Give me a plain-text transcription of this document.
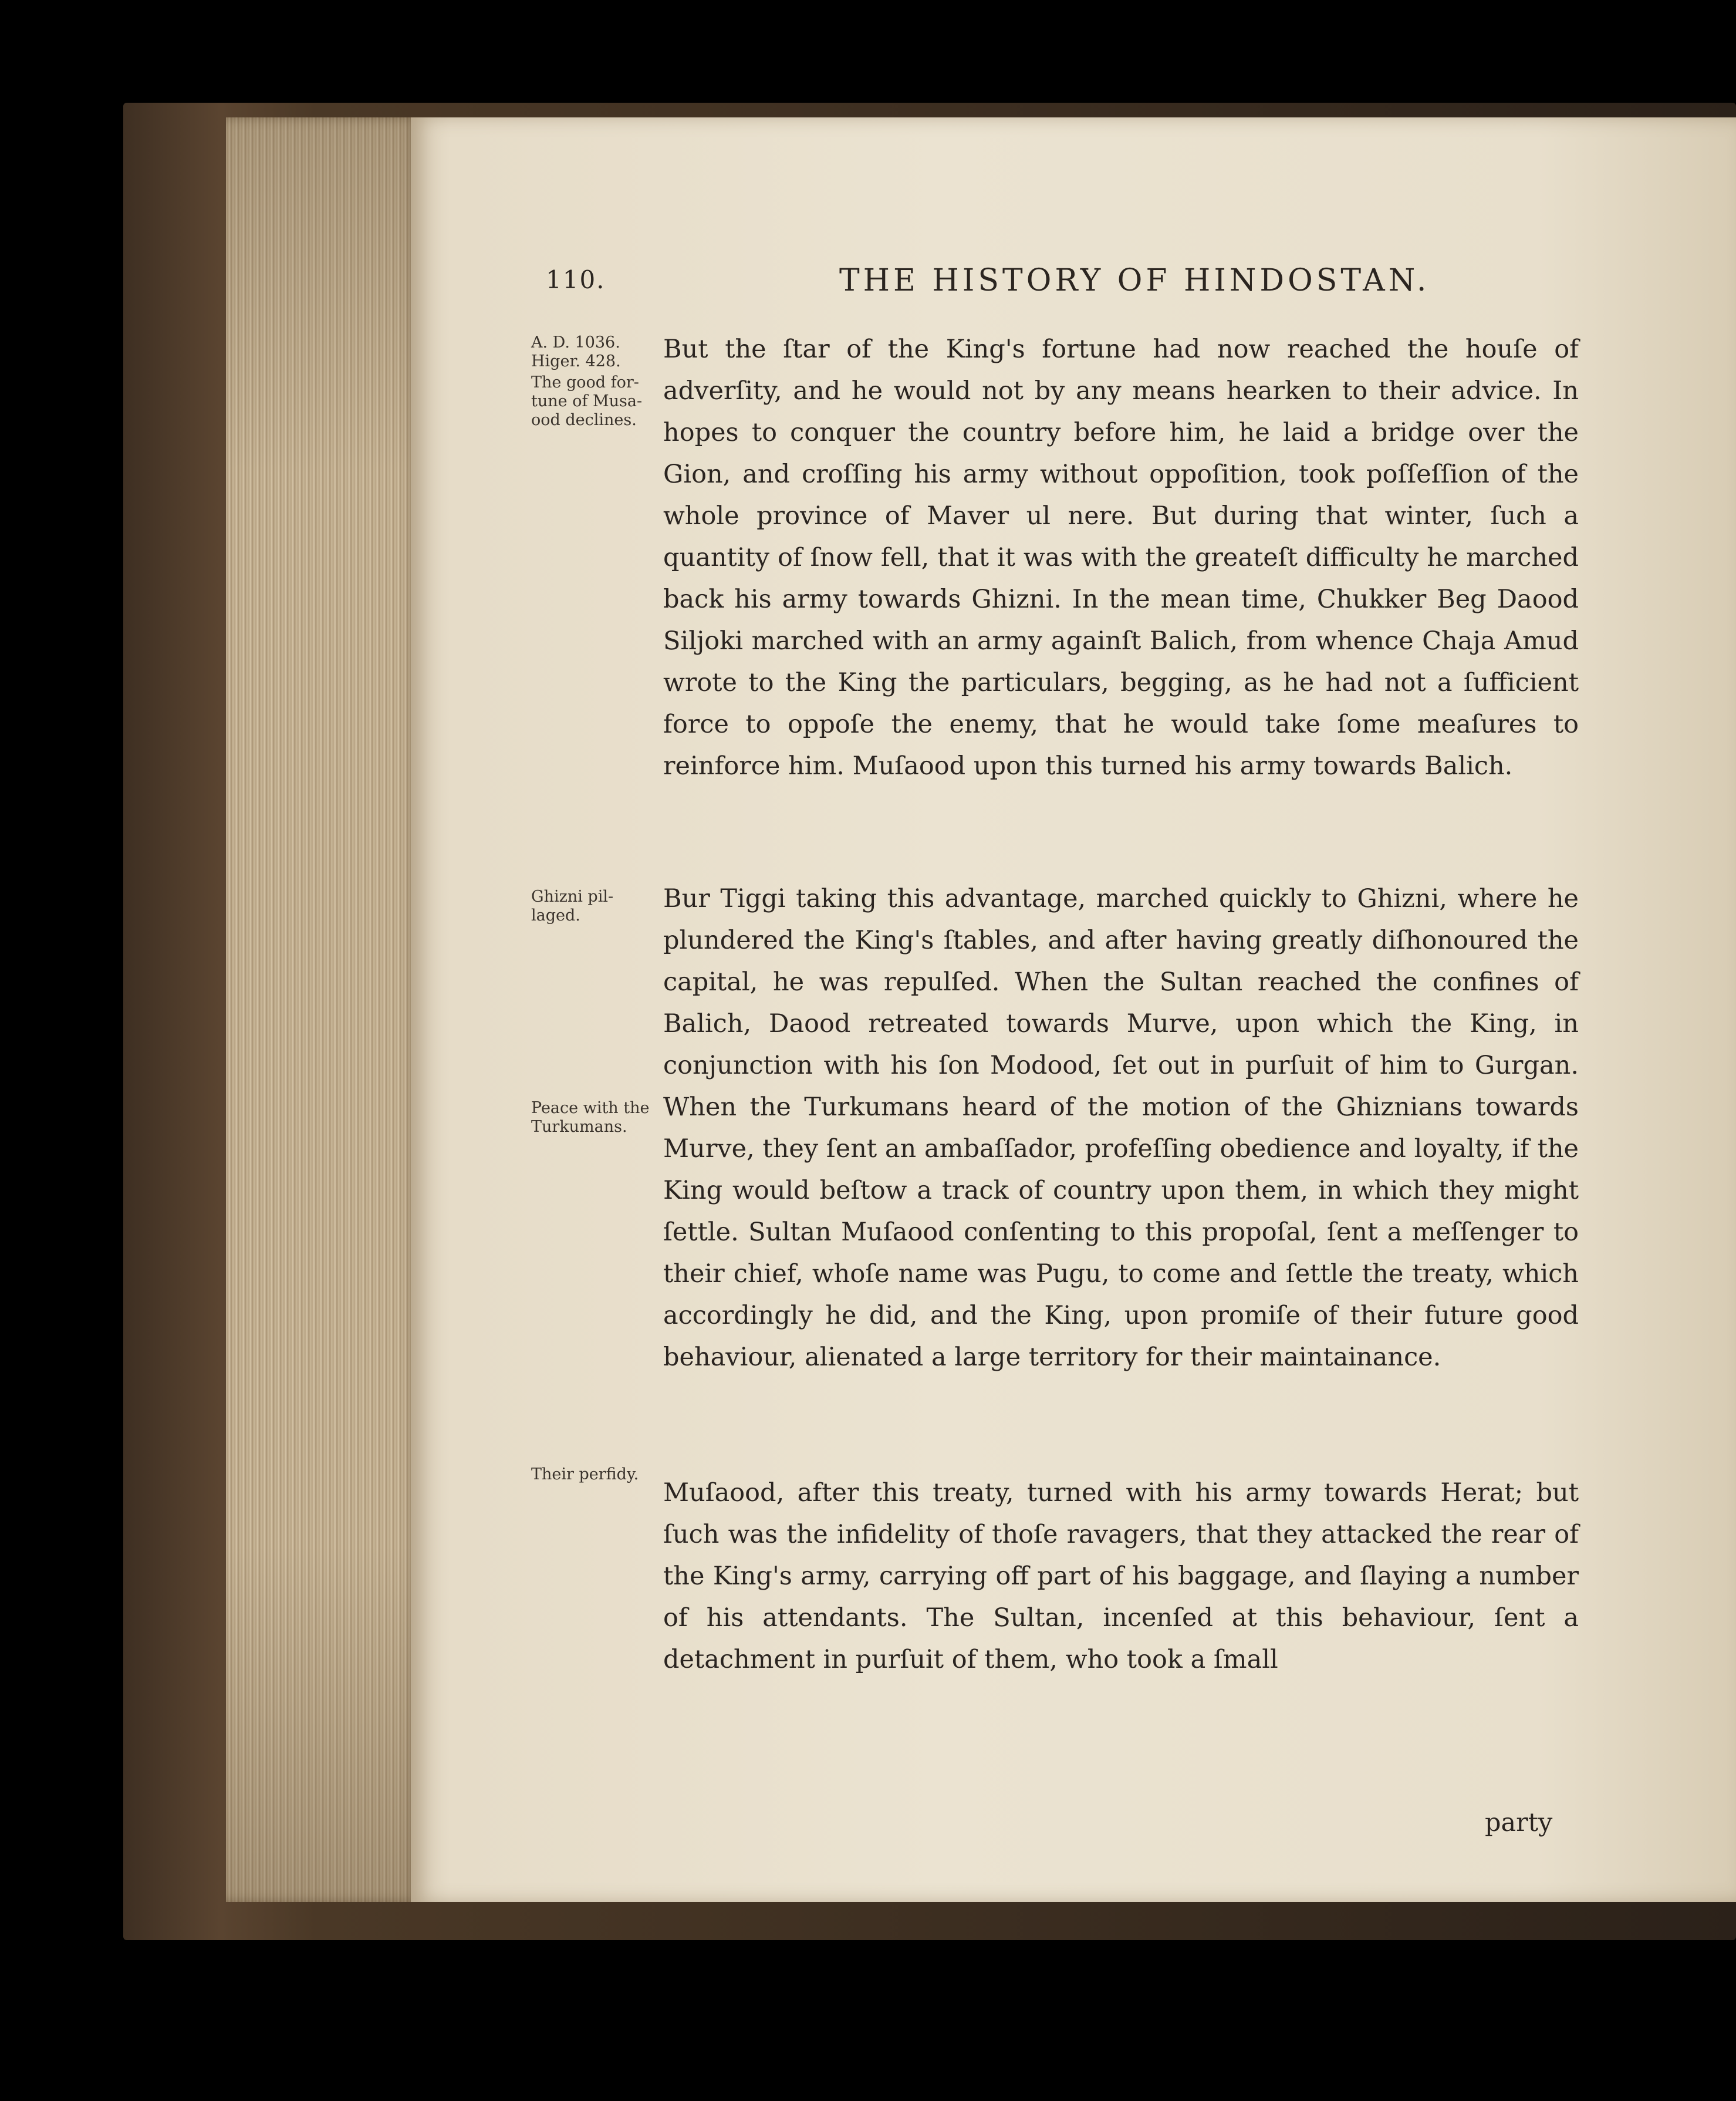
110.	THE HISTORY OF HINDOSTAN.
A. D. 1036.
Higer. 428.
The good for-
tune of Musa-
ood declines.
But the ſtar of the King's fortune had now reached the houſe of adverſity, and he would not by any means hearken to their advice. In hopes to conquer the country before him, he laid a bridge over the Gion, and croſſing his army without oppoſition, took poſſeſſion of the whole province of Maver ul nere. But during that winter, ſuch a quantity of ſnow fell, that it was with the greateſt difficulty he marched back his army towards Ghizni. In the mean time, Chukker Beg Daood Siljoki marched with an army againſt Balich, from whence Chaja Amud wrote to the King the particulars, begging, as he had not a ſufficient force to oppoſe the enemy, that he would take ſome meaſures to reinforce him. Muſaood upon this turned his army towards Balich.
Ghizni pil-
laged.
Bur Tiggi taking this advantage, marched quickly to Ghizni, where he plundered the King's ſtables, and after having greatly diſhonoured the capital, he was repulſed. When the Sultan reached the confines of Balich, Daood retreated towards Murve, upon which the King, in conjunction with his ſon Modood, ſet out in purſuit of him to Gurgan. When the Turkumans heard of the motion of the Ghiznians towards Murve, they ſent an ambaſſador, profeſſing obedience and loyalty, if the King would beſtow a track of country upon them, in which they might ſettle. Sultan Muſaood conſenting to this propoſal, ſent a meſſenger to their chief, whoſe name was Pugu, to come and ſettle the treaty, which accordingly he did, and the King, upon promiſe of their future good behaviour, alienated a large territory for their maintainance.
Peace with the
Turkumans.
Their perfidy.
Muſaood, after this treaty, turned with his army towards Herat; but ſuch was the infidelity of thoſe ravagers, that they attacked the rear of the King's army, carrying off part of his baggage, and ſlaying a number of his attendants. The Sultan, incenſed at this behaviour, ſent a detachment in purſuit of them, who took a ſmall
party
